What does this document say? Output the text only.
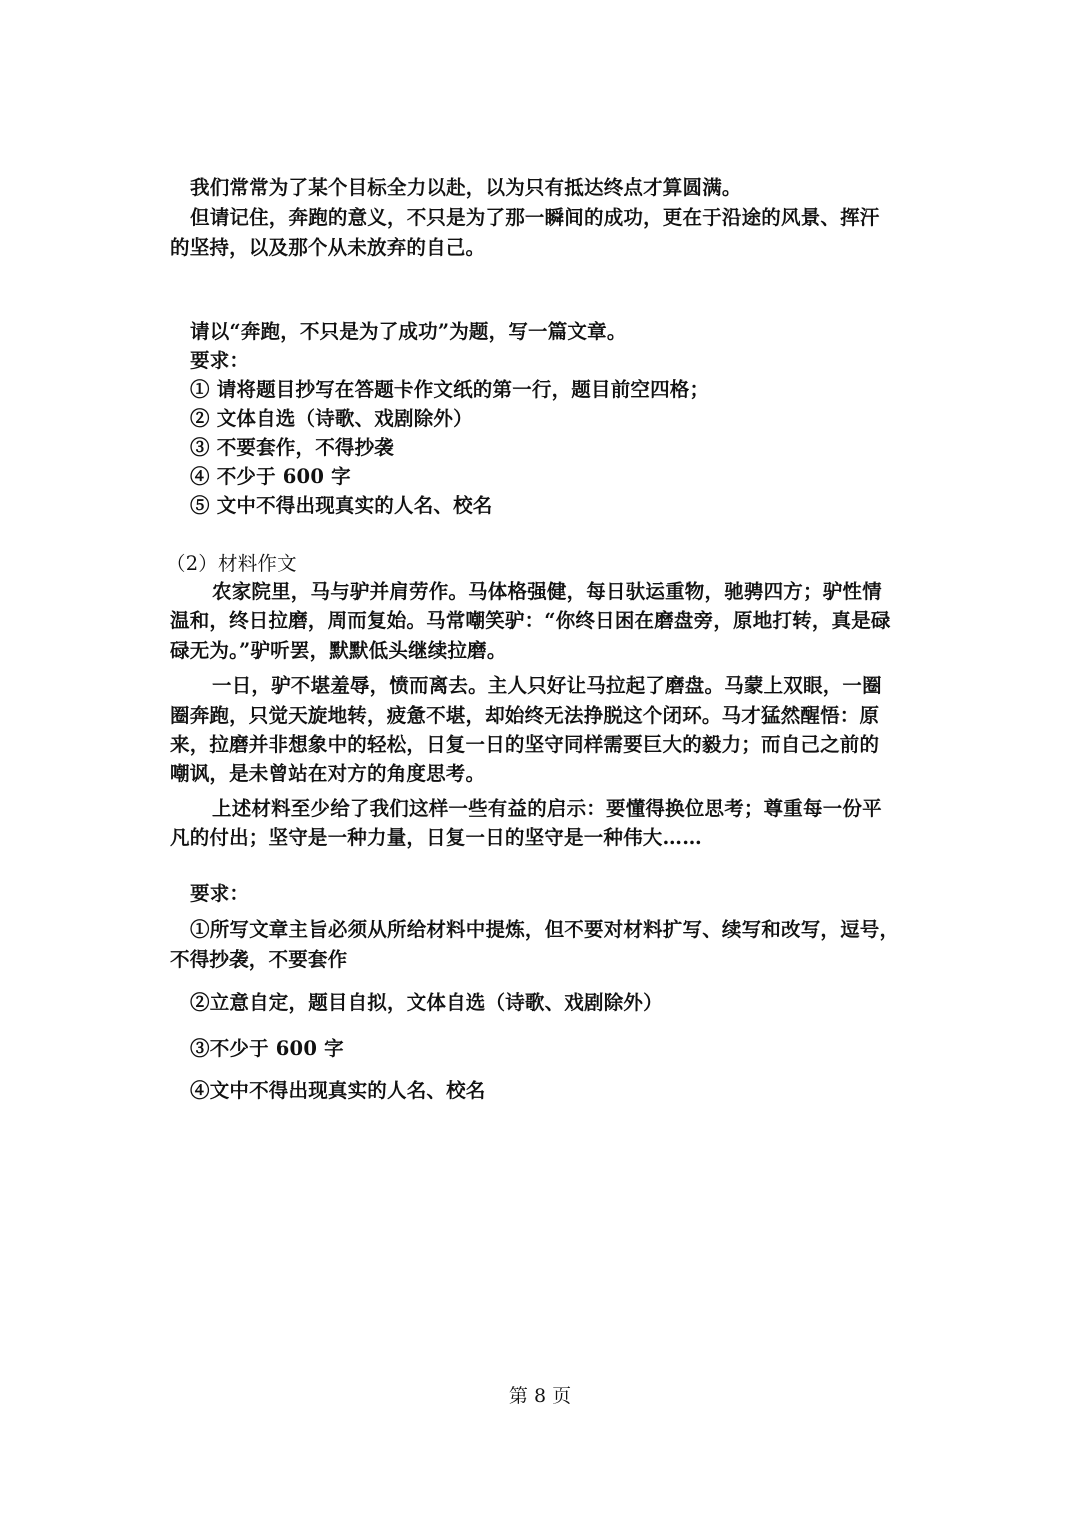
我们常常为了某个目标全力以赴，以为只有抵达终点才算圆满。
但请记住，奔跑的意义，不只是为了那一瞬间的成功，更在于沿途的风景、挥汗
的坚持，以及那个从未放弃的自己。
请以“奔跑，不只是为了成功”为题，写一篇文章。
要求：
① 请将题目抄写在答题卡作文纸的第一行，题目前空四格；
② 文体自选（诗歌、戏剧除外）
③ 不要套作，不得抄袭
④ 不少于 600 字
⑤ 文中不得出现真实的人名、校名
（2）材料作文
农家院里，马与驴并肩劳作。马体格强健，每日驮运重物，驰骋四方；驴性情
温和，终日拉磨，周而复始。马常嘲笑驴：“你终日困在磨盘旁，原地打转，真是碌
碌无为。”驴听罢，默默低头继续拉磨。
一日，驴不堪羞辱，愤而离去。主人只好让马拉起了磨盘。马蒙上双眼，一圈
圈奔跑，只觉天旋地转，疲惫不堪，却始终无法挣脱这个闭环。马才猛然醒悟：原
来，拉磨并非想象中的轻松，日复一日的坚守同样需要巨大的毅力；而自己之前的
嘲讽，是未曾站在对方的角度思考。
上述材料至少给了我们这样一些有益的启示：要懂得换位思考；尊重每一份平
凡的付出；坚守是一种力量，日复一日的坚守是一种伟大……
要求：
①所写文章主旨必须从所给材料中提炼，但不要对材料扩写、续写和改写，逗号，
不得抄袭，不要套作
②立意自定，题目自拟，文体自选（诗歌、戏剧除外）
③不少于 600 字
④文中不得出现真实的人名、校名
第 8 页
